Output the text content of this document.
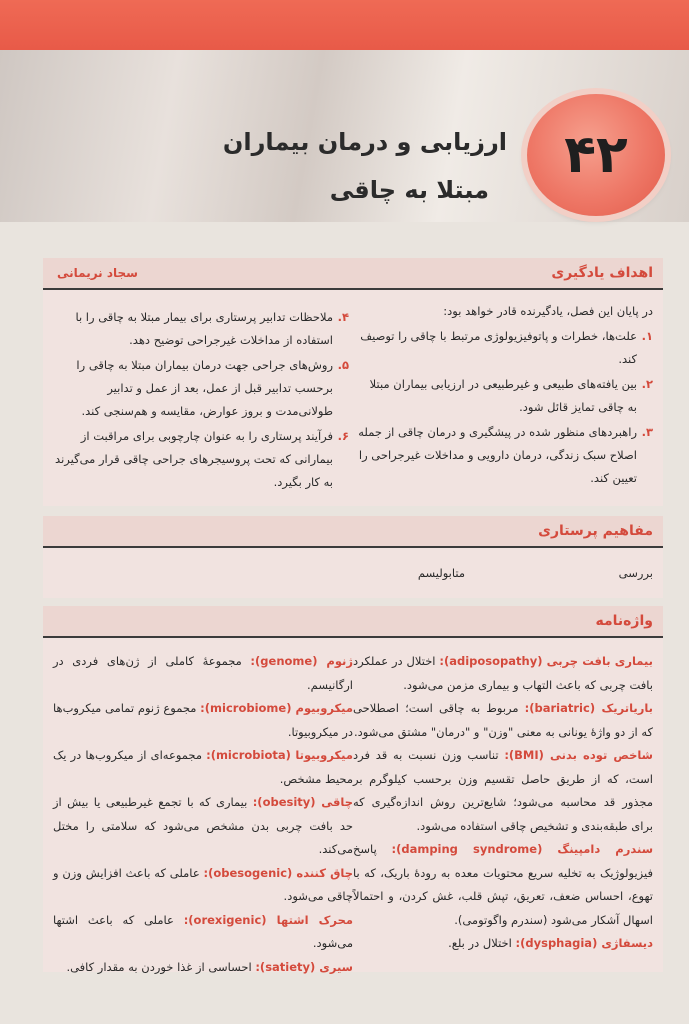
۴۲
ارزیابی و درمان بیماران
مبتلا به چاقی
اهداف یادگیری
سجاد نریمانی
در پایان این فصل، یادگیرنده قادر خواهد بود:
۱.
علت‌ها، خطرات و پاتوفیزیولوژی مرتبط با چاقی را توصیف کند.
۲.
بین یافته‌های طبیعی و غیرطبیعی در ارزیابی بیماران مبتلا به چاقی تمایز قائل شود.
۳.
راهبردهای منظور شده در پیشگیری و درمان چاقی از جمله اصلاح سبک زندگی، درمان دارویی و مداخلات غیرجراحی را تعیین کند.
۴.
ملاحظات تدابیر پرستاری برای بیمار مبتلا به چاقی را با استفاده از مداخلات غیرجراحی توضیح دهد.
۵.
روش‌های جراحی جهت درمان بیماران مبتلا به چاقی را برحسب تدابیر قبل از عمل، بعد از عمل و تدابیر طولانی‌مدت و بروز عوارض، مقایسه و هم‌سنجی کند.
۶.
فرآیند پرستاری را به عنوان چارچوبی برای مراقبت از بیمارانی که تحت پروسیجرهای جراحی چاقی قرار می‌گیرند به کار بگیرد.
مفاهیم پرستاری
بررسی
متابولیسم
واژه‌نامه
بیماری بافت چربی (adiposopathy): اختلال در عملکرد بافت چربی که باعث التهاب و بیماری مزمن می‌شود.
باریاتریک (bariatric): مربوط به چاقی است؛ اصطلاحی که از دو واژهٔ یونانی به معنی "وزن" و "درمان" مشتق می‌شود.
شاخص توده بدنی (BMI): تناسب وزن نسبت به قد فرد است، که از طریق حاصل تقسیم وزن برحسب کیلوگرم بر مجذور قد محاسبه می‌شود؛ شایع‌ترین روش اندازه‌گیری که برای طبقه‌بندی و تشخیص چاقی استفاده می‌شود.
سندرم دامپینگ (damping syndrome): پاسخ فیزیولوژیک به تخلیه سریع محتویات معده به رودهٔ باریک، که با تهوع، احساس ضعف، تعریق، تپش قلب، غش کردن، و احتمالاً اسهال آشکار می‌شود (سندرم واگوتومی).
دیسفاژی (dysphagia): اختلال در بلع.
ژنوم (genome): مجموعهٔ کاملی از ژن‌های فردی در ارگانیسم.
میکروبیوم (microbiome): مجموع ژنوم تمامی میکروب‌ها در میکروبیوتا.
میکروبیوتا (microbiota): مجموعه‌ای از میکروب‌ها در یک محیط مشخص.
چاقی (obesity): بیماری که با تجمع غیرطبیعی یا بیش از حد بافت چربی بدن مشخص می‌شود که سلامتی را مختل می‌کند.
چاق کننده (obesogenic): عاملی که باعث افزایش وزن و چاقی می‌شود.
محرک اشتها (orexigenic): عاملی که باعث اشتها می‌شود.
سیری (satiety): احساسی از غذا خوردن به مقدار کافی.
